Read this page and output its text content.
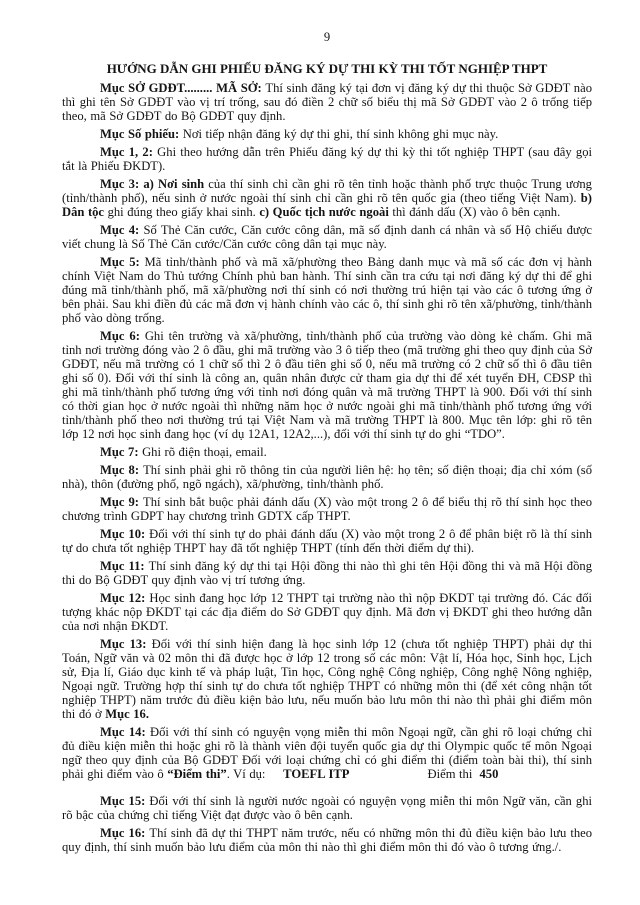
9
HƯỚNG DẪN GHI PHIẾU ĐĂNG KÝ DỰ THI KỲ THI TỐT NGHIỆP THPT

Mục SỞ GDĐT......... MÃ SỞ: Thí sinh đăng ký tại đơn vị đăng ký dự thi thuộc Sở GDĐT nào thì ghi tên Sở GDĐT vào vị trí trống, sau đó điền 2 chữ số biểu thị mã Sở GDĐT vào 2 ô trống tiếp theo, mã Sở GDĐT do Bộ GDĐT quy định.

Mục Số phiếu: Nơi tiếp nhận đăng ký dự thi ghi, thí sinh không ghi mục này.

Mục 1, 2: Ghi theo hướng dẫn trên Phiếu đăng ký dự thi kỳ thi tốt nghiệp THPT (sau đây gọi tắt là Phiếu ĐKDT).

Mục 3: a) Nơi sinh của thí sinh chỉ cần ghi rõ tên tỉnh hoặc thành phố trực thuộc Trung ương (tỉnh/thành phố), nếu sinh ở nước ngoài thí sinh chỉ cần ghi rõ tên quốc gia (theo tiếng Việt Nam). b) Dân tộc ghi đúng theo giấy khai sinh. c) Quốc tịch nước ngoài thì đánh dấu (X) vào ô bên cạnh.

Mục 4: Số Thẻ Căn cước, Căn cước công dân, mã số định danh cá nhân và số Hộ chiếu được viết chung là Số Thẻ Căn cước/Căn cước công dân tại mục này.

Mục 5: Mã tỉnh/thành phố và mã xã/phường theo Bảng danh mục và mã số các đơn vị hành chính Việt Nam do Thủ tướng Chính phủ ban hành. Thí sinh cần tra cứu tại nơi đăng ký dự thi để ghi đúng mã tỉnh/thành phố, mã xã/phường nơi thí sinh có nơi thường trú hiện tại vào các ô tương ứng ở bên phải. Sau khi điền đủ các mã đơn vị hành chính vào các ô, thí sinh ghi rõ tên xã/phường, tỉnh/thành phố vào dòng trống.

Mục 6: Ghi tên trường và xã/phường, tỉnh/thành phố của trường vào dòng kẻ chấm. Ghi mã tỉnh nơi trường đóng vào 2 ô đầu, ghi mã trường vào 3 ô tiếp theo (mã trường ghi theo quy định của Sở GDĐT, nếu mã trường có 1 chữ số thì 2 ô đầu tiên ghi số 0, nếu mã trường có 2 chữ số thì ô đầu tiên ghi số 0). Đối với thí sinh là công an, quân nhân được cử tham gia dự thi để xét tuyển ĐH, CĐSP thì ghi mã tỉnh/thành phố tương ứng với tỉnh nơi đóng quân và mã trường THPT là 900. Đối với thí sinh có thời gian học ở nước ngoài thì những năm học ở nước ngoài ghi mã tỉnh/thành phố tương ứng với tỉnh/thành phố theo nơi thường trú tại Việt Nam và mã trường THPT là 800. Mục tên lớp: ghi rõ tên lớp 12 nơi học sinh đang học (ví dụ 12A1, 12A2,...), đối với thí sinh tự do ghi “TDO”.

Mục 7: Ghi rõ điện thoại, email.

Mục 8: Thí sinh phải ghi rõ thông tin của người liên hệ: họ tên; số điện thoại; địa chỉ xóm (số nhà), thôn (đường phố, ngõ ngách), xã/phường, tỉnh/thành phố.

Mục 9: Thí sinh bắt buộc phải đánh dấu (X) vào một trong 2 ô để biểu thị rõ thí sinh học theo chương trình GDPT hay chương trình GDTX cấp THPT.

Mục 10: Đối với thí sinh tự do phải đánh dấu (X) vào một trong 2 ô để phân biệt rõ là thí sinh tự do chưa tốt nghiệp THPT hay đã tốt nghiệp THPT (tính đến thời điểm dự thi).

Mục 11: Thí sinh đăng ký dự thi tại Hội đồng thi nào thì ghi tên Hội đồng thi và mã Hội đồng thi do Bộ GDĐT quy định vào vị trí tương ứng.

Mục 12: Học sinh đang học lớp 12 THPT tại trường nào thì nộp ĐKDT tại trường đó. Các đối tượng khác nộp ĐKDT tại các địa điểm do Sở GDĐT quy định. Mã đơn vị ĐKDT ghi theo hướng dẫn của nơi nhận ĐKDT.

Mục 13: Đối với thí sinh hiện đang là học sinh lớp 12 (chưa tốt nghiệp THPT) phải dự thi Toán, Ngữ văn và 02 môn thi đã được học ở lớp 12 trong số các môn: Vật lí, Hóa học, Sinh học, Lịch sử, Địa lí, Giáo dục kinh tế và pháp luật, Tin học, Công nghệ Công nghiệp, Công nghệ Nông nghiệp, Ngoại ngữ. Trường hợp thí sinh tự do chưa tốt nghiệp THPT có những môn thi (để xét công nhận tốt nghiệp THPT) năm trước đủ điều kiện bảo lưu, nếu muốn bảo lưu môn thi nào thì phải ghi điểm môn thi đó ở Mục 16.

Mục 14: Đối với thí sinh có nguyện vọng miễn thi môn Ngoại ngữ, cần ghi rõ loại chứng chỉ đủ điều kiện miễn thi hoặc ghi rõ là thành viên đội tuyển quốc gia dự thi Olympic quốc tế môn Ngoại ngữ theo quy định của Bộ GDĐT Đối với loại chứng chỉ có ghi điểm thi (điểm toàn bài thi), thí sinh phải ghi điểm vào ô “Điểm thi”. Ví dụ:     TOEFL ITP                      Điểm thi  450

Mục 15: Đối với thí sinh là người nước ngoài có nguyện vọng miễn thi môn Ngữ văn, cần ghi rõ bậc của chứng chỉ tiếng Việt đạt được vào ô bên cạnh.

Mục 16: Thí sinh đã dự thi THPT năm trước, nếu có những môn thi đủ điều kiện bảo lưu theo quy định, thí sinh muốn bảo lưu điểm của môn thi nào thì ghi điểm môn thi đó vào ô tương ứng./.
